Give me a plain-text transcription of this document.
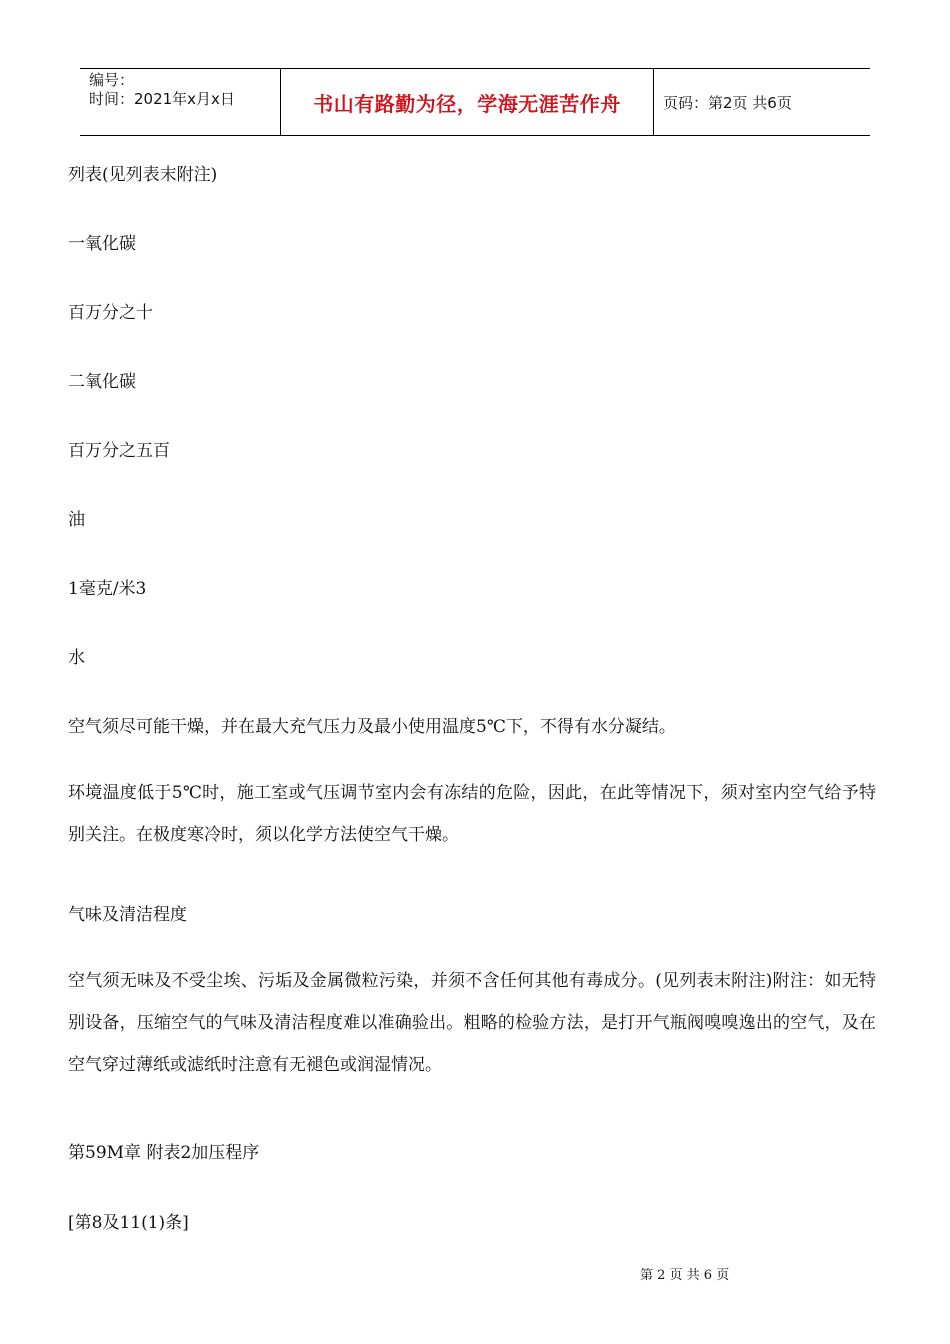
编号：
时间：2021年x月x日	书山有路勤为径，学海无涯苦作舟	页码：第2页 共6页

列表(见列表末附注)

一氧化碳

百万分之十

二氧化碳

百万分之五百

油

1毫克/米3

水

空气须尽可能干燥，并在最大充气压力及最小使用温度5℃下，不得有水分凝结。

环境温度低于5℃时，施工室或气压调节室内会有冻结的危险，因此，在此等情况下，须对室内空气给予特别关注。在极度寒冷时，须以化学方法使空气干燥。

气味及清洁程度

空气须无味及不受尘埃、污垢及金属微粒污染，并须不含任何其他有毒成分。(见列表末附注)附注：如无特别设备，压缩空气的气味及清洁程度难以准确验出。粗略的检验方法，是打开气瓶阀嗅嗅逸出的空气，及在空气穿过薄纸或滤纸时注意有无褪色或润湿情况。

第59M章 附表2加压程序

[第8及11(1)条]

第 2 页 共 6 页
